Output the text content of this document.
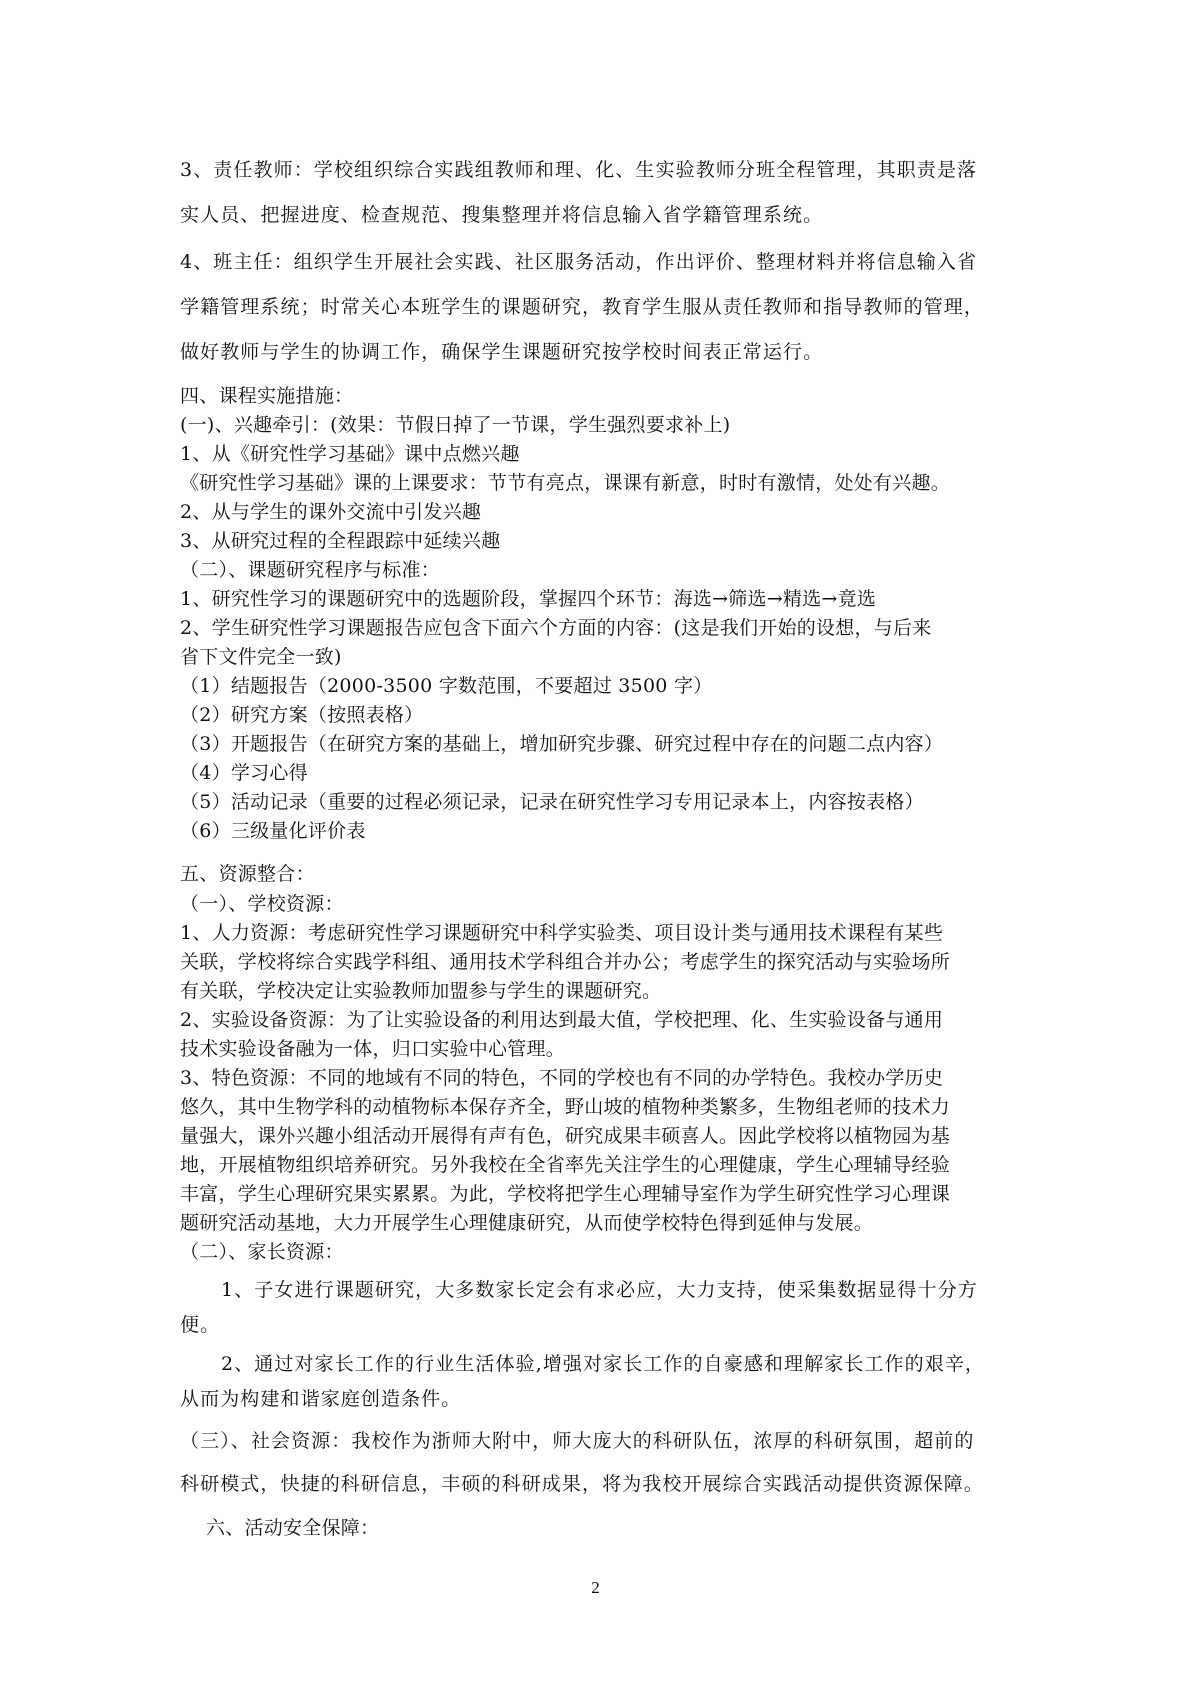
3、责任教师：学校组织综合实践组教师和理、化、生实验教师分班全程管理，其职责是落
实人员、把握进度、检查规范、搜集整理并将信息输入省学籍管理系统。
4、班主任：组织学生开展社会实践、社区服务活动，作出评价、整理材料并将信息输入省
学籍管理系统；时常关心本班学生的课题研究，教育学生服从责任教师和指导教师的管理，
做好教师与学生的协调工作，确保学生课题研究按学校时间表正常运行。
四、课程实施措施：
(一)、兴趣牵引：(效果：节假日掉了一节课，学生强烈要求补上)
1、从《研究性学习基础》课中点燃兴趣
《研究性学习基础》课的上课要求：节节有亮点，课课有新意，时时有激情，处处有兴趣。
2、从与学生的课外交流中引发兴趣
3、从研究过程的全程跟踪中延续兴趣
（二）、课题研究程序与标准：
1、研究性学习的课题研究中的选题阶段，掌握四个环节：海选→筛选→精选→竟选
2、学生研究性学习课题报告应包含下面六个方面的内容：(这是我们开始的设想，与后来
省下文件完全一致)
（1）结题报告（2000-3500 字数范围，不要超过 3500 字）
（2）研究方案（按照表格）
（3）开题报告（在研究方案的基础上，增加研究步骤、研究过程中存在的问题二点内容）
（4）学习心得
（5）活动记录（重要的过程必须记录，记录在研究性学习专用记录本上，内容按表格）
（6）三级量化评价表
五、资源整合：
（一）、学校资源：
1、人力资源：考虑研究性学习课题研究中科学实验类、项目设计类与通用技术课程有某些
关联，学校将综合实践学科组、通用技术学科组合并办公；考虑学生的探究活动与实验场所
有关联，学校决定让实验教师加盟参与学生的课题研究。
2、实验设备资源：为了让实验设备的利用达到最大值，学校把理、化、生实验设备与通用
技术实验设备融为一体，归口实验中心管理。
3、特色资源：不同的地域有不同的特色，不同的学校也有不同的办学特色。我校办学历史
悠久，其中生物学科的动植物标本保存齐全，野山坡的植物种类繁多，生物组老师的技术力
量强大，课外兴趣小组活动开展得有声有色，研究成果丰硕喜人。因此学校将以植物园为基
地，开展植物组织培养研究。另外我校在全省率先关注学生的心理健康，学生心理辅导经验
丰富，学生心理研究果实累累。为此，学校将把学生心理辅导室作为学生研究性学习心理课
题研究活动基地，大力开展学生心理健康研究，从而使学校特色得到延伸与发展。
（二）、家长资源：
1、子女进行课题研究，大多数家长定会有求必应，大力支持，使采集数据显得十分方
便。
2、通过对家长工作的行业生活体验,增强对家长工作的自豪感和理解家长工作的艰辛，
从而为构建和谐家庭创造条件。
（三）、社会资源：我校作为浙师大附中，师大庞大的科研队伍，浓厚的科研氛围，超前的
科研模式，快捷的科研信息，丰硕的科研成果，将为我校开展综合实践活动提供资源保障。
六、活动安全保障：
2
